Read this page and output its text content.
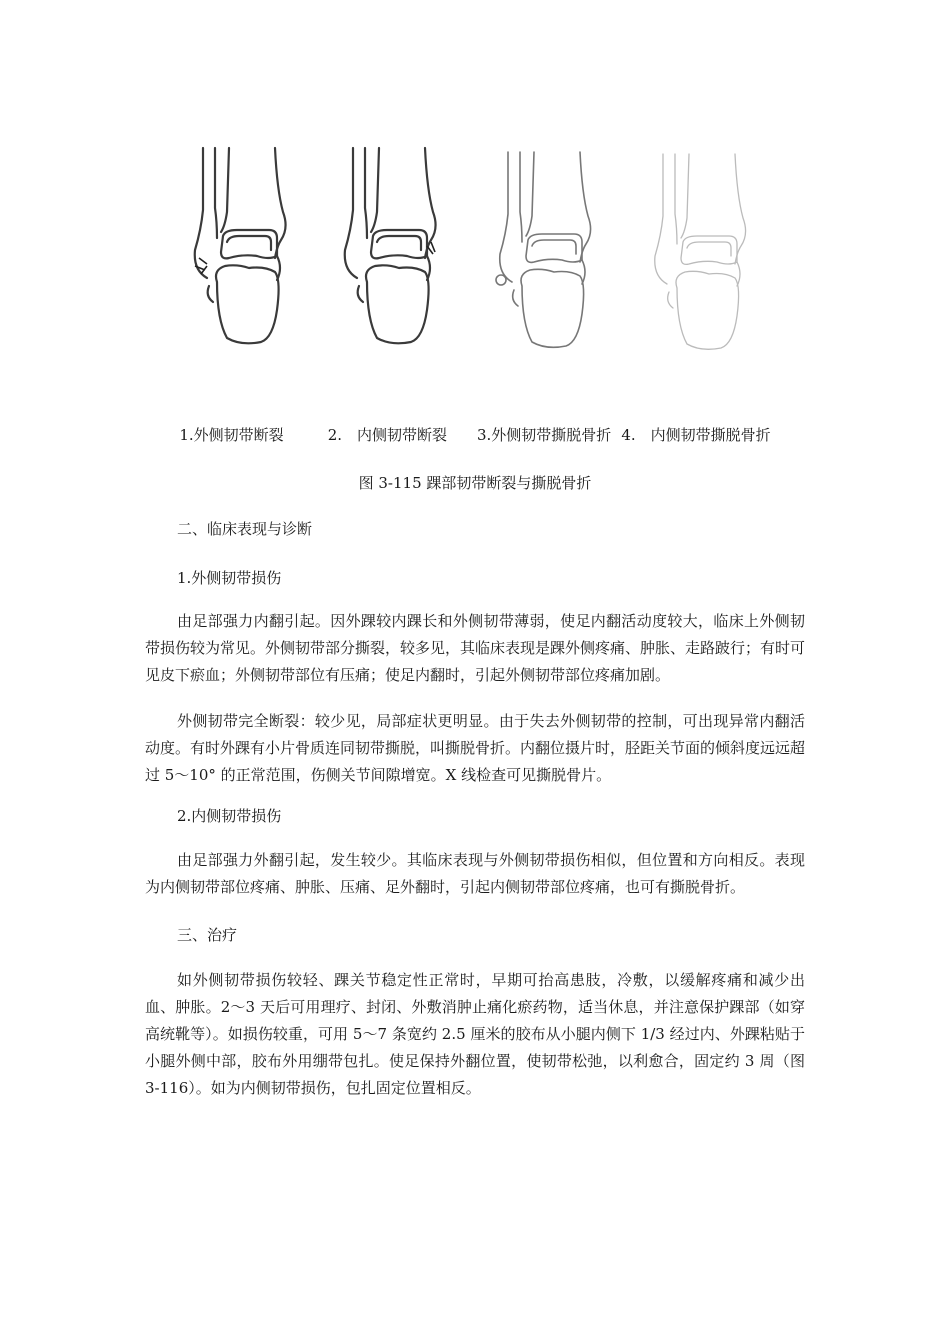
1.外侧韧带断裂	2.　内侧韧带断裂 3.外侧韧带撕脱骨折 4.　内侧韧带撕脱骨折
图 3-115 踝部韧带断裂与撕脱骨折
二、临床表现与诊断
1.外侧韧带损伤

由足部强力内翻引起。因外踝较内踝长和外侧韧带薄弱，使足内翻活动度较大，临床上外侧韧带损伤较为常见。外侧韧带部分撕裂，较多见，其临床表现是踝外侧疼痛、肿胀、走路跛行；有时可见皮下瘀血；外侧韧带部位有压痛；使足内翻时，引起外侧韧带部位疼痛加剧。

外侧韧带完全断裂：较少见，局部症状更明显。由于失去外侧韧带的控制，可出现异常内翻活动度。有时外踝有小片骨质连同韧带撕脱，叫撕脱骨折。内翻位摄片时，胫距关节面的倾斜度远远超过 5～10° 的正常范围，伤侧关节间隙增宽。X 线检查可见撕脱骨片。

2.内侧韧带损伤

由足部强力外翻引起，发生较少。其临床表现与外侧韧带损伤相似，但位置和方向相反。表现为内侧韧带部位疼痛、肿胀、压痛、足外翻时，引起内侧韧带部位疼痛，也可有撕脱骨折。

三、治疗

如外侧韧带损伤较轻、踝关节稳定性正常时，早期可抬高患肢，冷敷，以缓解疼痛和减少出血、肿胀。2～3 天后可用理疗、封闭、外敷消肿止痛化瘀药物，适当休息，并注意保护踝部（如穿高统靴等）。如损伤较重，可用 5～7 条宽约 2.5 厘米的胶布从小腿内侧下 1/3 经过内、外踝粘贴于小腿外侧中部，胶布外用绷带包扎。使足保持外翻位置，使韧带松弛，以利愈合，固定约 3 周（图 3-116）。如为内侧韧带损伤，包扎固定位置相反。
